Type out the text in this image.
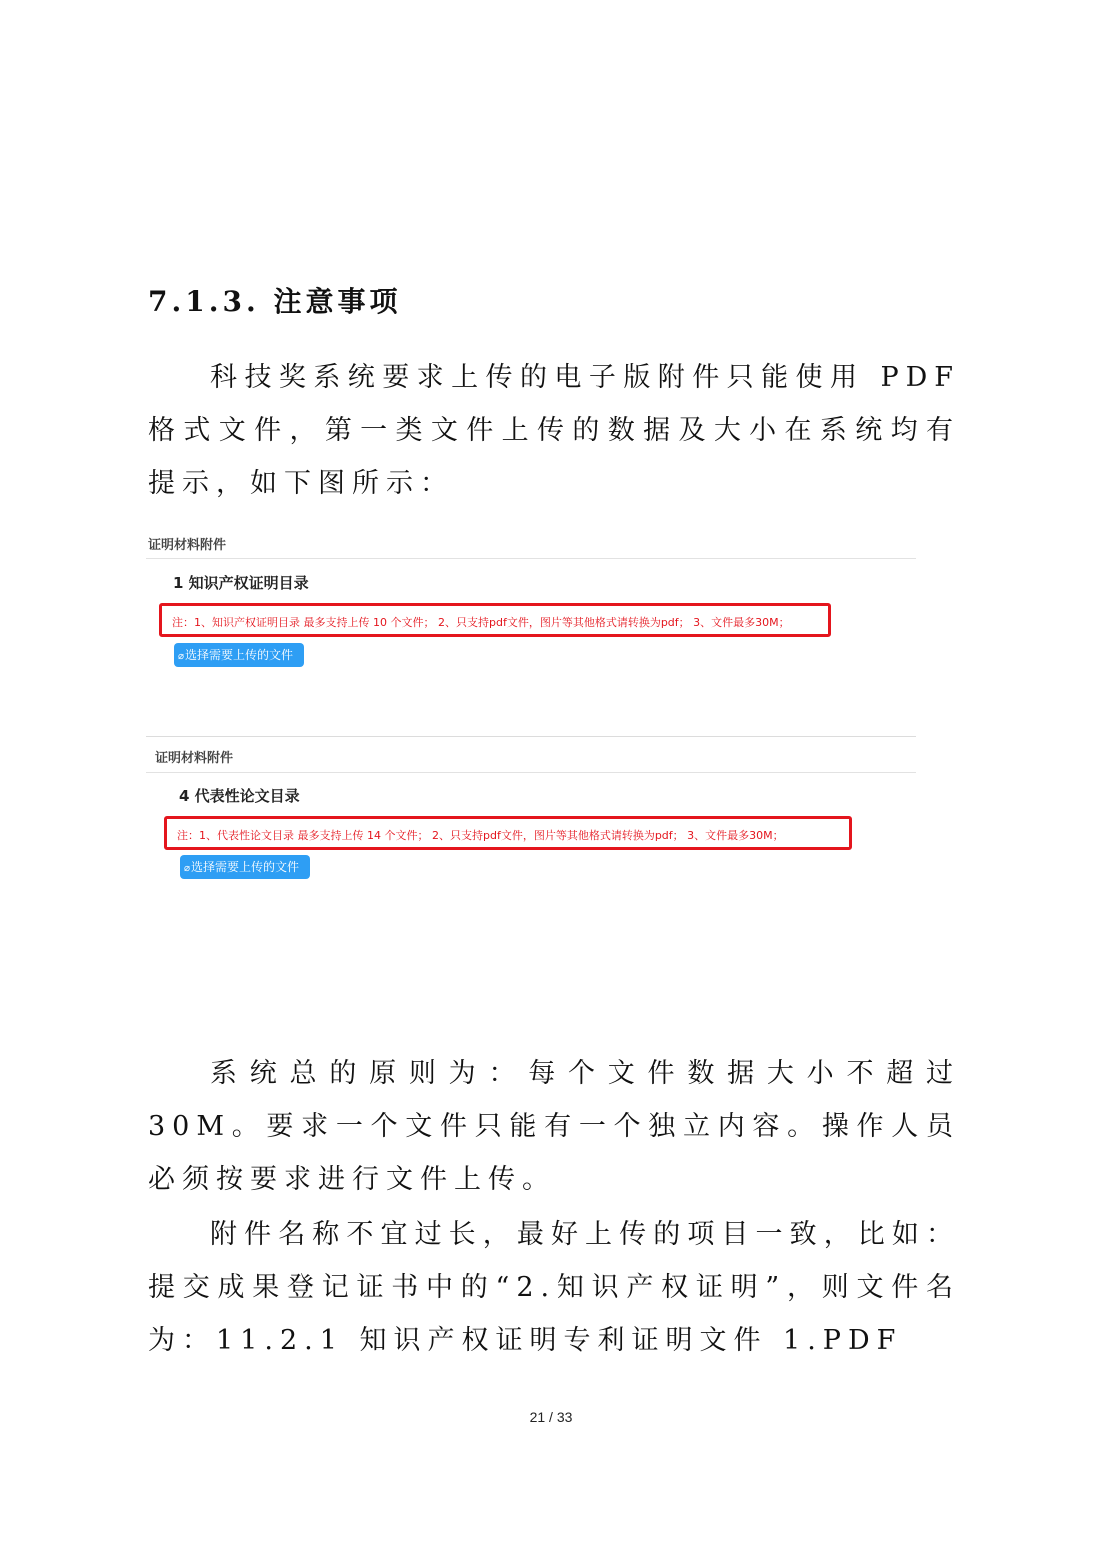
7.1.3. 注意事项

科技奖系统要求上传的电子版附件只能使用 PDF 格式文件，第一类文件上传的数据及大小在系统均有提示，如下图所示：

证明材料附件
1 知识产权证明目录
注：1、知识产权证明目录 最多支持上传 10 个文件； 2、只支持pdf文件，图片等其他格式请转换为pdf； 3、文件最多30M；
⌀选择需要上传的文件
证明材料附件
4 代表性论文目录
注：1、代表性论文目录 最多支持上传 14 个文件； 2、只支持pdf文件，图片等其他格式请转换为pdf； 3、文件最多30M；
⌀选择需要上传的文件

系统总的原则为：每个文件数据大小不超过 30M。要求一个文件只能有一个独立内容。操作人员必须按要求进行文件上传。

附件名称不宜过长，最好上传的项目一致，比如：提交成果登记证书中的“2.知识产权证明”，则文件名为：11.2.1 知识产权证明专利证明文件 1.PDF

21 / 33
